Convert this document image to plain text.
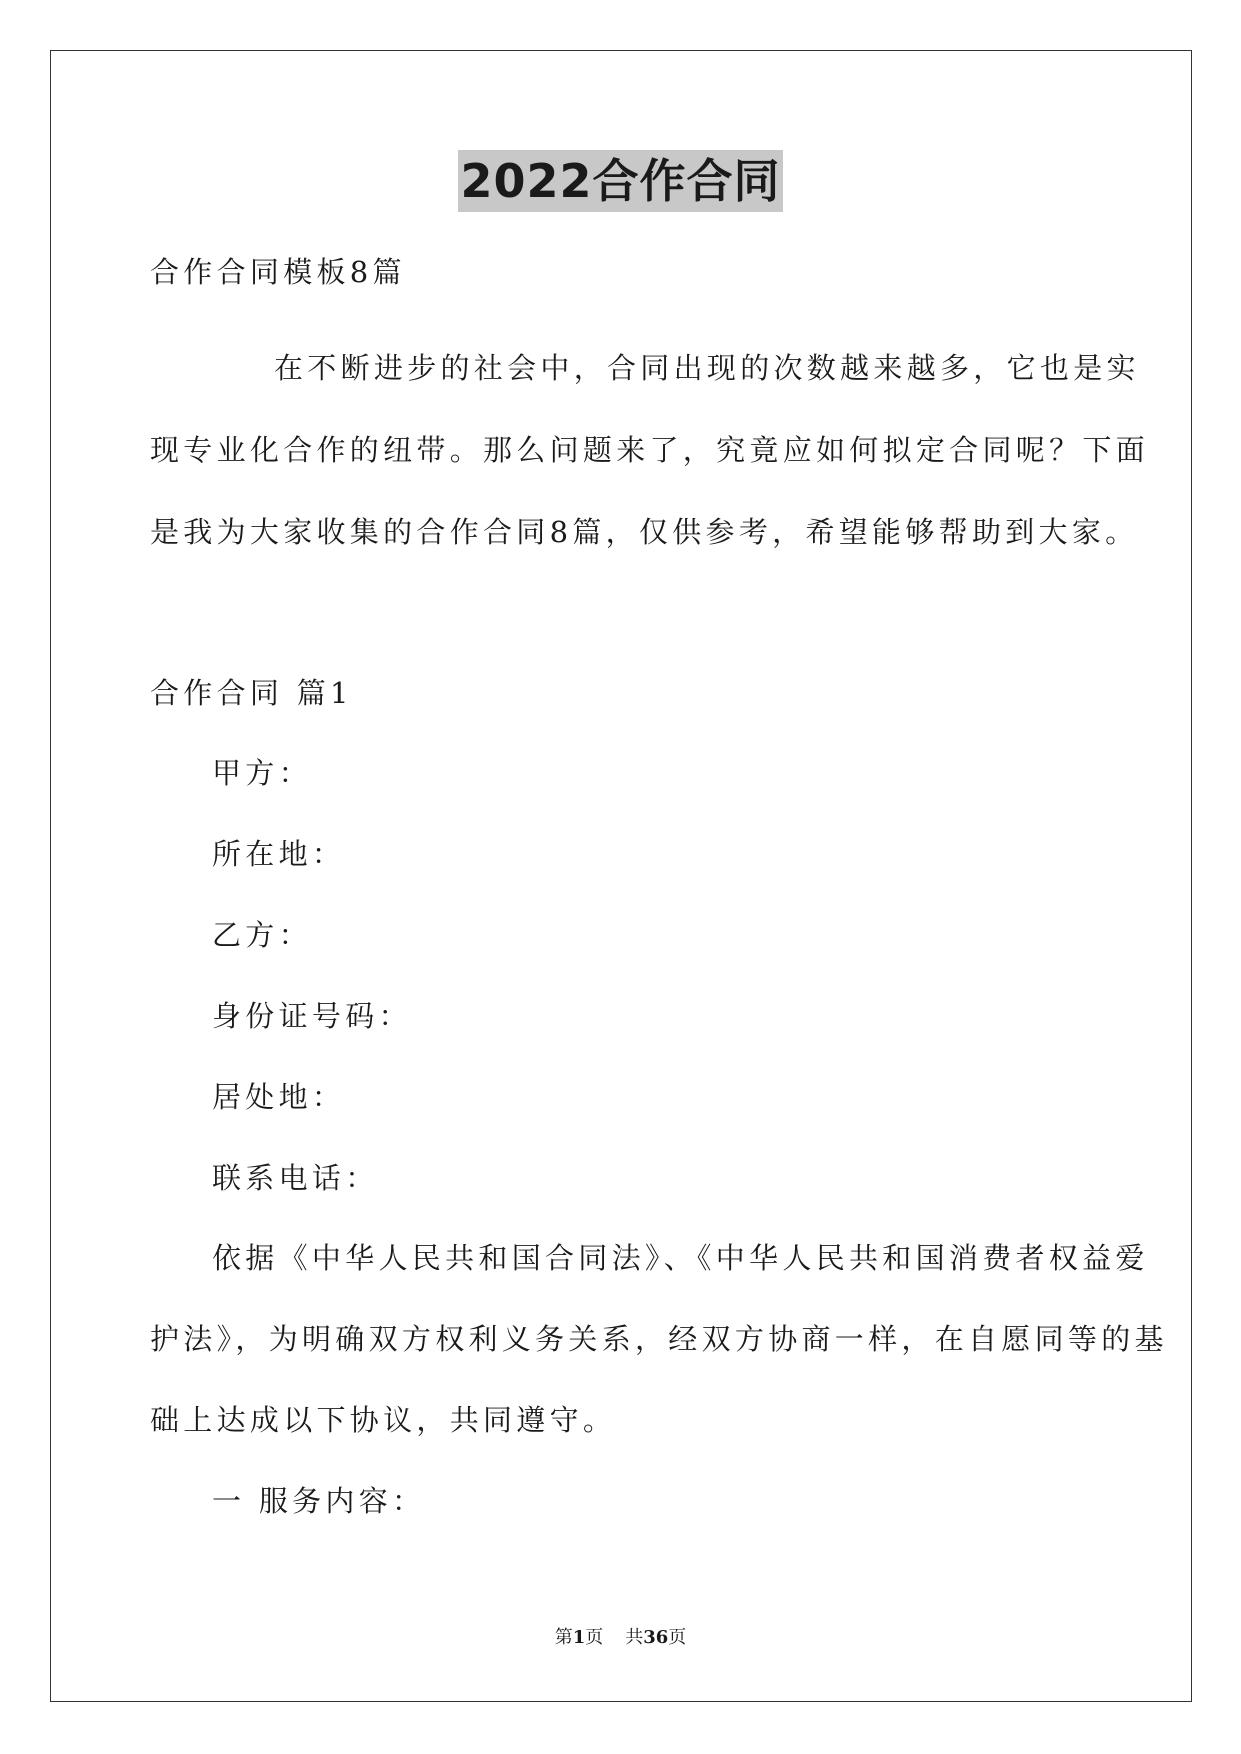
2022合作合同
合作合同模板8篇
在不断进步的社会中，合同出现的次数越来越多，它也是实
现专业化合作的纽带。那么问题来了，究竟应如何拟定合同呢？下面
是我为大家收集的合作合同8篇，仅供参考，希望能够帮助到大家。
合作合同 篇1
甲方：
所在地：
乙方：
身份证号码：
居处地：
联系电话：
依据《中华人民共和国合同法》、《中华人民共和国消费者权益爱
护法》，为明确双方权利义务关系，经双方协商一样，在自愿同等的基
础上达成以下协议，共同遵守。
一 服务内容：
第1页 共36页
